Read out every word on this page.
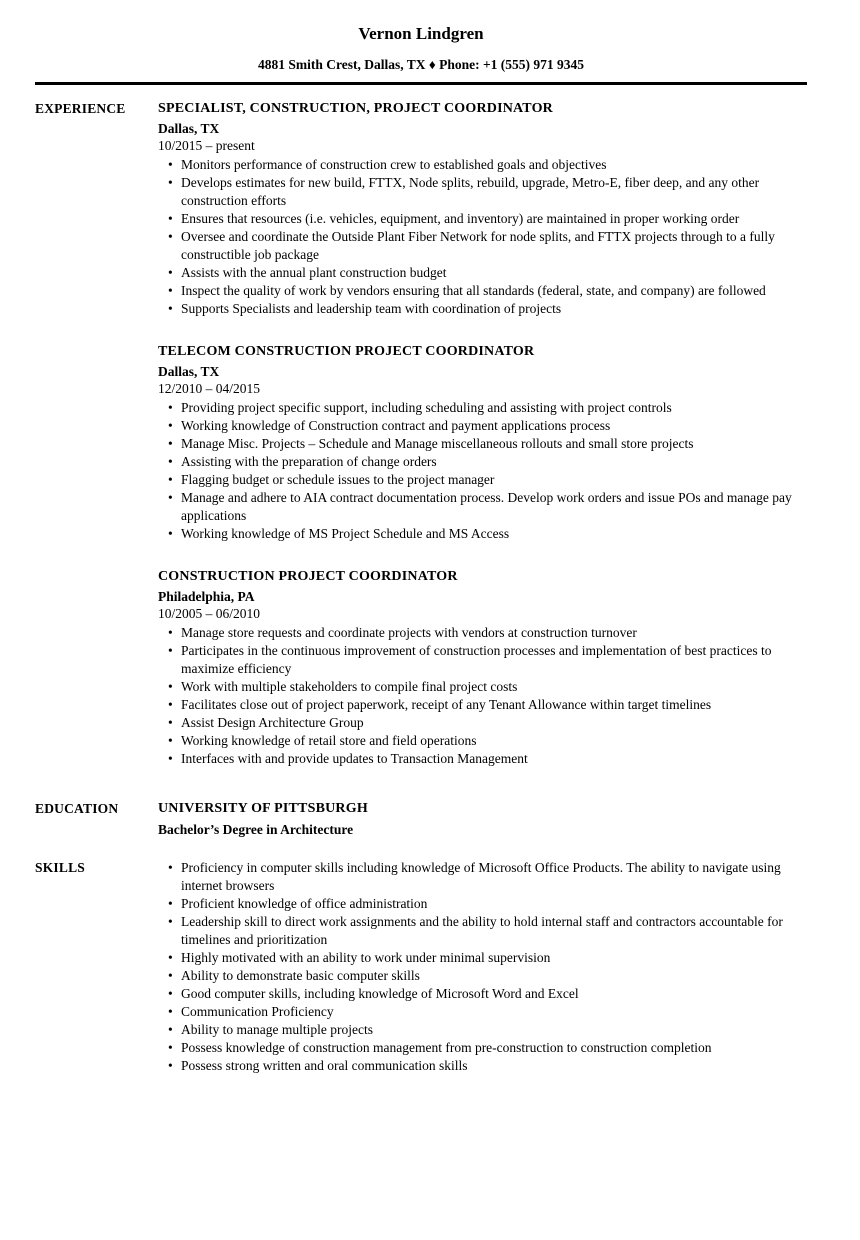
Vernon Lindgren
4881 Smith Crest, Dallas, TX ♦ Phone: +1 (555) 971 9345
EXPERIENCE	SPECIALIST, CONSTRUCTION, PROJECT COORDINATOR
Dallas, TX
10/2015 – present
• Monitors performance of construction crew to established goals and objectives
• Develops estimates for new build, FTTX, Node splits, rebuild, upgrade, Metro-E, fiber deep, and any other construction efforts
• Ensures that resources (i.e. vehicles, equipment, and inventory) are maintained in proper working order
• Oversee and coordinate the Outside Plant Fiber Network for node splits, and FTTX projects through to a fully constructible job package
• Assists with the annual plant construction budget
• Inspect the quality of work by vendors ensuring that all standards (federal, state, and company) are followed
• Supports Specialists and leadership team with coordination of projects
TELECOM CONSTRUCTION PROJECT COORDINATOR
Dallas, TX
12/2010 – 04/2015
• Providing project specific support, including scheduling and assisting with project controls
• Working knowledge of Construction contract and payment applications process
• Manage Misc. Projects – Schedule and Manage miscellaneous rollouts and small store projects
• Assisting with the preparation of change orders
• Flagging budget or schedule issues to the project manager
• Manage and adhere to AIA contract documentation process. Develop work orders and issue POs and manage pay applications
• Working knowledge of MS Project Schedule and MS Access
CONSTRUCTION PROJECT COORDINATOR
Philadelphia, PA
10/2005 – 06/2010
• Manage store requests and coordinate projects with vendors at construction turnover
• Participates in the continuous improvement of construction processes and implementation of best practices to maximize efficiency
• Work with multiple stakeholders to compile final project costs
• Facilitates close out of project paperwork, receipt of any Tenant Allowance within target timelines
• Assist Design Architecture Group
• Working knowledge of retail store and field operations
• Interfaces with and provide updates to Transaction Management
EDUCATION	UNIVERSITY OF PITTSBURGH
Bachelor’s Degree in Architecture
SKILLS	• Proficiency in computer skills including knowledge of Microsoft Office Products. The ability to navigate using internet browsers
• Proficient knowledge of office administration
• Leadership skill to direct work assignments and the ability to hold internal staff and contractors accountable for timelines and prioritization
• Highly motivated with an ability to work under minimal supervision
• Ability to demonstrate basic computer skills
• Good computer skills, including knowledge of Microsoft Word and Excel
• Communication Proficiency
• Ability to manage multiple projects
• Possess knowledge of construction management from pre-construction to construction completion
• Possess strong written and oral communication skills
